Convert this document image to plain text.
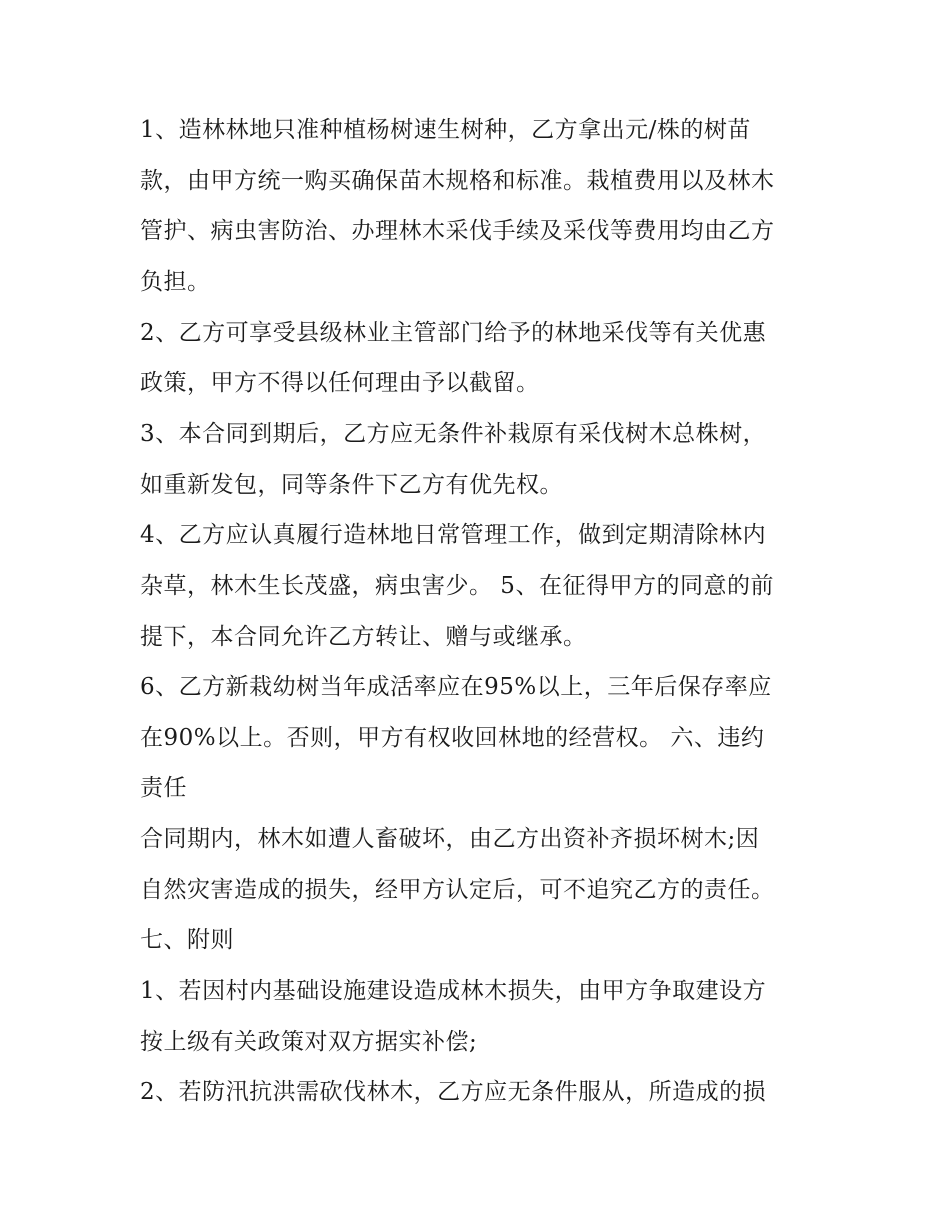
1、造林林地只准种植杨树速生树种，乙方拿出元/株的树苗
款，由甲方统一购买确保苗木规格和标准。栽植费用以及林木
管护、病虫害防治、办理林木采伐手续及采伐等费用均由乙方
负担。
2、乙方可享受县级林业主管部门给予的林地采伐等有关优惠
政策，甲方不得以任何理由予以截留。
3、本合同到期后，乙方应无条件补栽原有采伐树木总株树，
如重新发包，同等条件下乙方有优先权。
4、乙方应认真履行造林地日常管理工作，做到定期清除林内
杂草，林木生长茂盛，病虫害少。 5、在征得甲方的同意的前
提下，本合同允许乙方转让、赠与或继承。
6、乙方新栽幼树当年成活率应在95%以上，三年后保存率应
在90%以上。否则，甲方有权收回林地的经营权。 六、违约
责任
合同期内，林木如遭人畜破坏，由乙方出资补齐损坏树木;因
自然灾害造成的损失，经甲方认定后，可不追究乙方的责任。
七、附则
1、若因村内基础设施建设造成林木损失，由甲方争取建设方
按上级有关政策对双方据实补偿;
2、若防汛抗洪需砍伐林木，乙方应无条件服从，所造成的损
